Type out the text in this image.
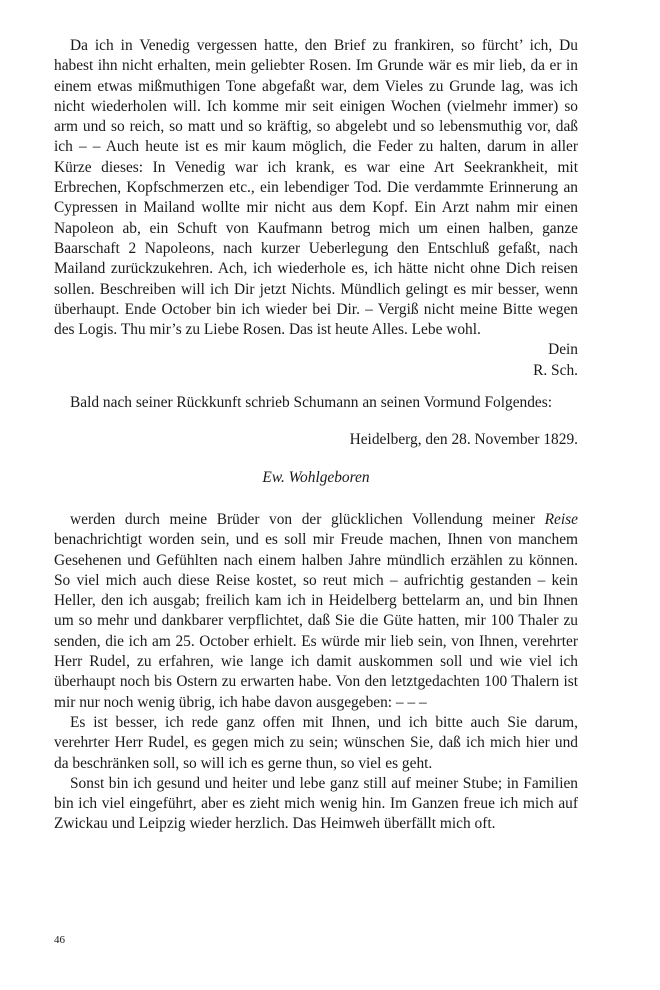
Da ich in Venedig vergessen hatte, den Brief zu frankiren, so fürcht’ ich, Du habest ihn nicht erhalten, mein geliebter Rosen. Im Grunde wär es mir lieb, da er in einem etwas mißmuthigen Tone abgefaßt war, dem Vieles zu Grunde lag, was ich nicht wiederholen will. Ich komme mir seit einigen Wochen (vielmehr immer) so arm und so reich, so matt und so kräftig, so abgelebt und so lebensmuthig vor, daß ich – – Auch heute ist es mir kaum möglich, die Feder zu halten, darum in aller Kürze dieses: In Venedig war ich krank, es war eine Art Seekrankheit, mit Erbrechen, Kopfschmerzen etc., ein lebendiger Tod. Die verdammte Erinnerung an Cypressen in Mailand wollte mir nicht aus dem Kopf. Ein Arzt nahm mir einen Napoleon ab, ein Schuft von Kaufmann betrog mich um einen halben, ganze Baarschaft 2 Napoleons, nach kurzer Ueberlegung den Entschluß gefaßt, nach Mailand zurückzukehren. Ach, ich wiederhole es, ich hätte nicht ohne Dich reisen sollen. Beschreiben will ich Dir jetzt Nichts. Mündlich gelingt es mir besser, wenn überhaupt. Ende October bin ich wieder bei Dir. – Vergiß nicht meine Bitte wegen des Logis. Thu mir’s zu Liebe Rosen. Das ist heute Alles. Lebe wohl.

Dein

R. Sch.

Bald nach seiner Rückkunft schrieb Schumann an seinen Vormund Folgendes:

Heidelberg, den 28. November 1829.

Ew. Wohlgeboren

werden durch meine Brüder von der glücklichen Vollendung meiner Reise benachrichtigt worden sein, und es soll mir Freude machen, Ihnen von manchem Gesehenen und Gefühlten nach einem halben Jahre mündlich erzählen zu können. So viel mich auch diese Reise kostet, so reut mich – aufrichtig gestanden – kein Heller, den ich ausgab; freilich kam ich in Heidelberg bettelarm an, und bin Ihnen um so mehr und dankbarer verpflichtet, daß Sie die Güte hatten, mir 100 Thaler zu senden, die ich am 25. October erhielt. Es würde mir lieb sein, von Ihnen, verehrter Herr Rudel, zu erfahren, wie lange ich damit auskommen soll und wie viel ich überhaupt noch bis Ostern zu erwarten habe. Von den letztgedachten 100 Thalern ist mir nur noch wenig übrig, ich habe davon ausgegeben: – – –

Es ist besser, ich rede ganz offen mit Ihnen, und ich bitte auch Sie darum, verehrter Herr Rudel, es gegen mich zu sein; wünschen Sie, daß ich mich hier und da beschränken soll, so will ich es gerne thun, so viel es geht.

Sonst bin ich gesund und heiter und lebe ganz still auf meiner Stube; in Familien bin ich viel eingeführt, aber es zieht mich wenig hin. Im Ganzen freue ich mich auf Zwickau und Leipzig wieder herzlich. Das Heimweh überfällt mich oft.

46
